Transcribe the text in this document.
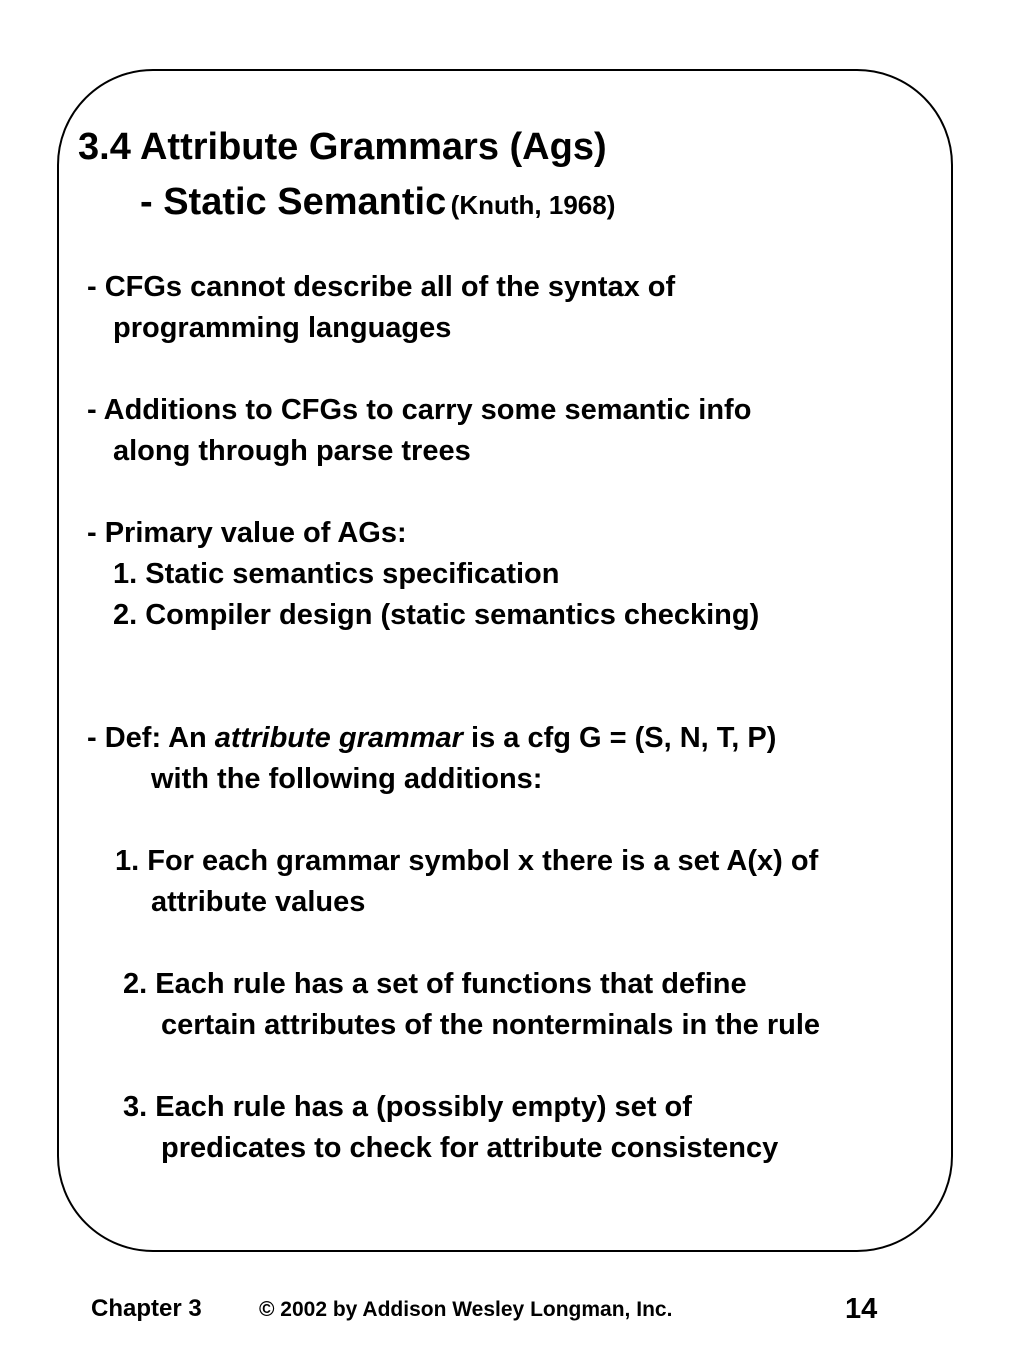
3.4 Attribute Grammars (Ags)
- Static Semantic (Knuth, 1968)
- CFGs cannot describe all of the syntax of
programming languages
- Additions to CFGs to carry some semantic info
along through parse trees
- Primary value of AGs:
1. Static semantics specification
2. Compiler design (static semantics checking)
- Def: An attribute grammar is a cfg G = (S, N, T, P)
with the following additions:
1. For each grammar symbol x there is a set A(x) of
attribute values
2. Each rule has a set of functions that define
certain attributes of the nonterminals in the rule
3. Each rule has a (possibly empty) set of
predicates to check for attribute consistency
Chapter 3	© 2002 by Addison Wesley Longman, Inc.	14
